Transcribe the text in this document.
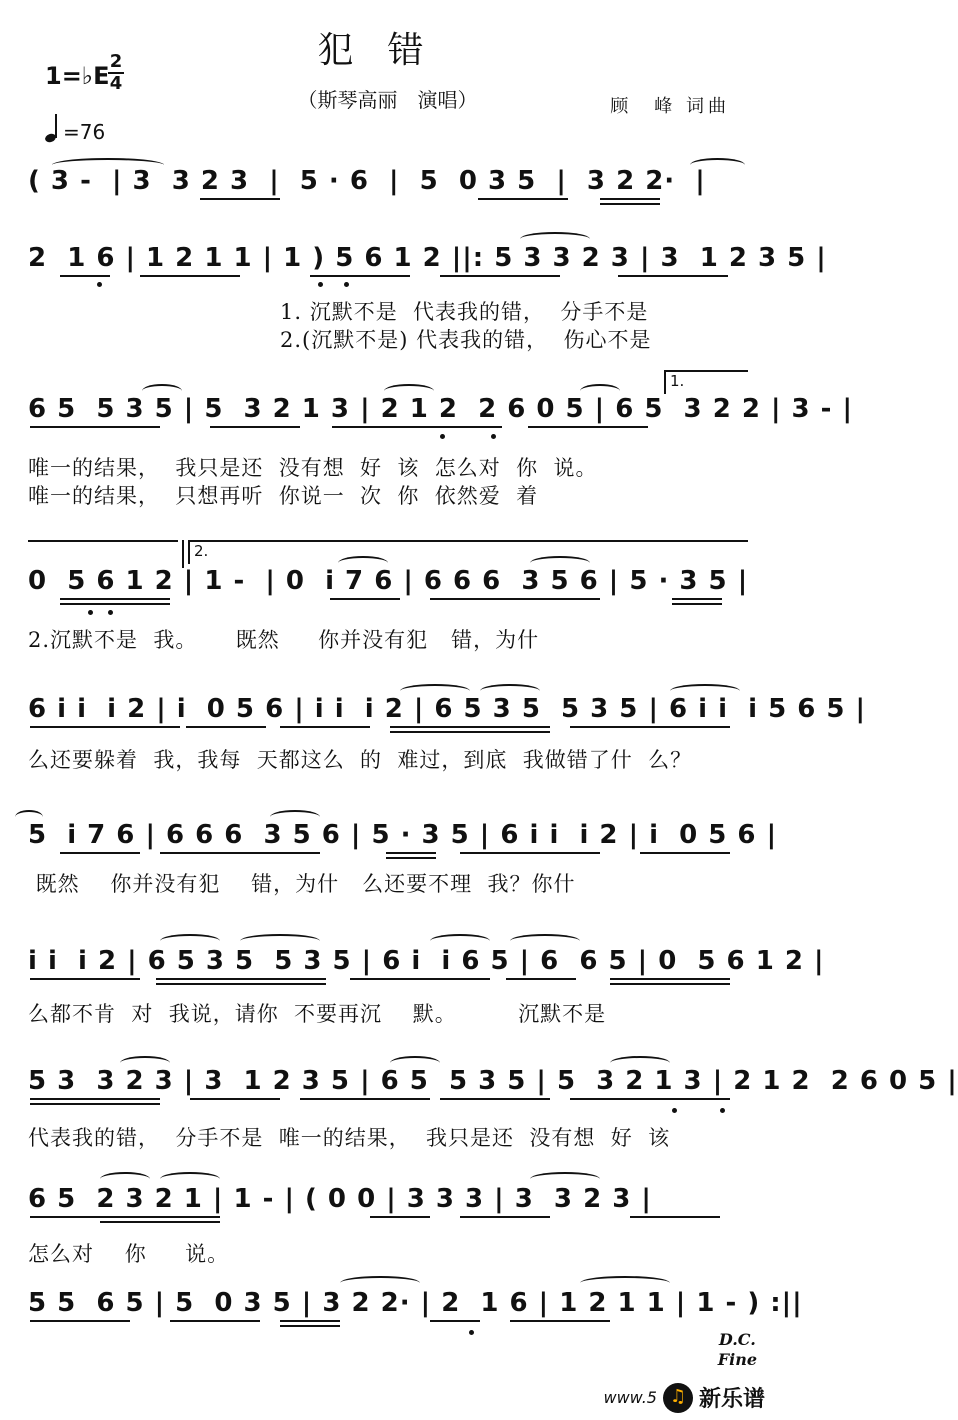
犯错
（斯琴高丽　演唱）	顾　峰 词曲
1=♭E
2
4
=76
( 3 -  | 3  3 2 3  |  5 · 6  |  5  0 3 5  |  3 2 2·  |
2  1 6 | 1 2 1 1 | 1 ) 5 6 1 2 ||: 5 3 3 2 3 | 3  1 2 3 5 |
1. 沉默不是  代表我的错，  分手不是
2.(沉默不是) 代表我的错，  伤心不是
1.
6 5  5 3 5 | 5  3 2 1 3 | 2 1 2  2 6 0 5 | 6 5  3 2 2 | 3 - |
唯一的结果，  我只是还  没有想  好  该  怎么对  你  说。
唯一的结果，  只想再听  你说一  次  你  依然爱  着
2.
0  5 6 1 2 | 1 -  | 0  i 7 6 | 6 6 6  3 5 6 | 5 · 3 5 |
2.沉默不是  我。     既然     你并没有犯   错，为什
6 i i  i 2 | i  0 5 6 | i i  i 2 | 6 5 3 5  5 3 5 | 6 i i  i 5 6 5 |
么还要躲着  我，我每  天都这么  的  难过，到底  我做错了什  么？
5  i 7 6 | 6 6 6  3 5 6 | 5 · 3 5 | 6 i i  i 2 | i  0 5 6 |
既然    你并没有犯    错，为什   么还要不理  我？你什
i i  i 2 | 6 5 3 5  5 3 5 | 6 i  i 6 5 | 6  6 5 | 0  5 6 1 2 |
么都不肯  对  我说，请你  不要再沉    默。        沉默不是
5 3  3 2 3 | 3  1 2 3 5 | 6 5  5 3 5 | 5  3 2 1 3 | 2 1 2  2 6 0 5 |
代表我的错，  分手不是  唯一的结果，  我只是还  没有想  好  该
6 5  2 3 2 1 | 1 - | ( 0 0 | 3 3 3 | 3  3 2 3 |
怎么对    你     说。
5 5  6 5 | 5  0 3 5 | 3 2 2· | 2  1 6 | 1 2 1 1 | 1 - ) :||
D.C.
Fine
www.5
♫ 新乐谱
